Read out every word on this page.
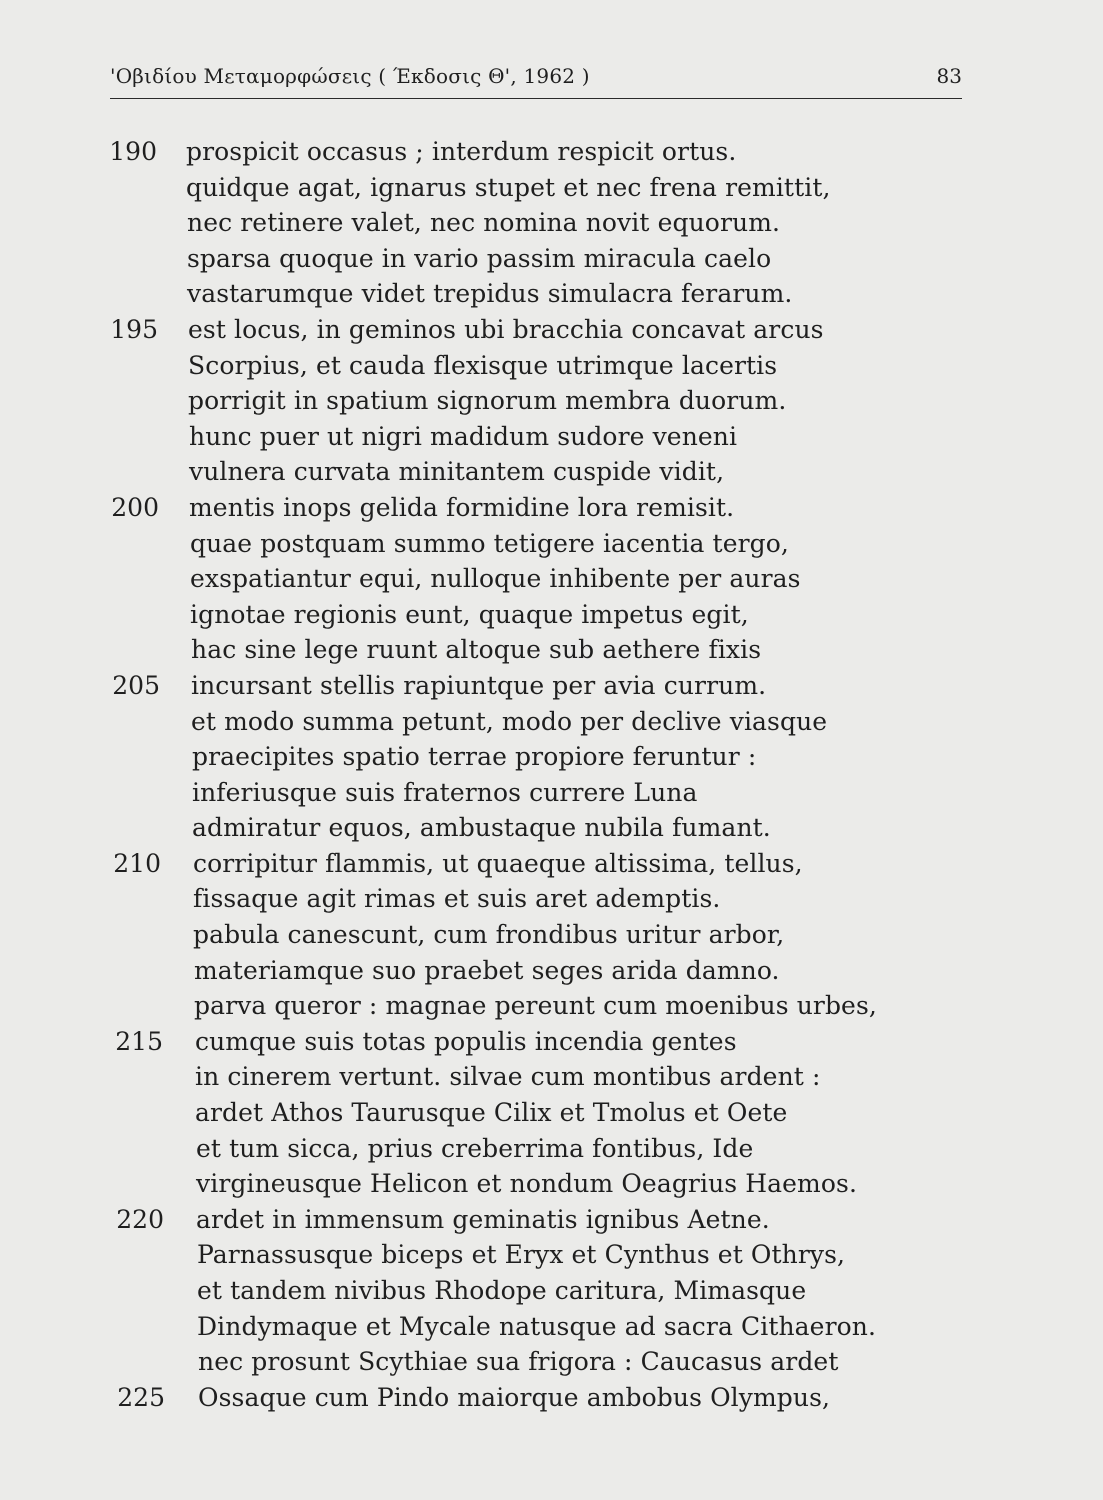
'Οβιδίου Μεταμορφώσεις ( Έκδοσις Θ', 1962 )	83
190 prospicit occasus ; interdum respicit ortus.
quidque agat, ignarus stupet et nec frena remittit,
nec retinere valet, nec nomina novit equorum.
sparsa quoque in vario passim miracula caelo
vastarumque videt trepidus simulacra ferarum.
195 est locus, in geminos ubi bracchia concavat arcus
Scorpius, et cauda flexisque utrimque lacertis
porrigit in spatium signorum membra duorum.
hunc puer ut nigri madidum sudore veneni
vulnera curvata minitantem cuspide vidit,
200 mentis inops gelida formidine lora remisit.
quae postquam summo tetigere iacentia tergo,
exspatiantur equi, nulloque inhibente per auras
ignotae regionis eunt, quaque impetus egit,
hac sine lege ruunt altoque sub aethere fixis
205 incursant stellis rapiuntque per avia currum.
et modo summa petunt, modo per declive viasque
praecipites spatio terrae propiore feruntur :
inferiusque suis fraternos currere Luna
admiratur equos, ambustaque nubila fumant.
210 corripitur flammis, ut quaeque altissima, tellus,
fissaque agit rimas et suis aret ademptis.
pabula canescunt, cum frondibus uritur arbor,
materiamque suo praebet seges arida damno.
parva queror : magnae pereunt cum moenibus urbes,
215 cumque suis totas populis incendia gentes
in cinerem vertunt. silvae cum montibus ardent :
ardet Athos Taurusque Cilix et Tmolus et Oete
et tum sicca, prius creberrima fontibus, Ide
virgineusque Helicon et nondum Oeagrius Haemos.
220 ardet in immensum geminatis ignibus Aetne.
Parnassusque biceps et Eryx et Cynthus et Othrys,
et tandem nivibus Rhodope caritura, Mimasque
Dindymaque et Mycale natusque ad sacra Cithaeron.
nec prosunt Scythiae sua frigora : Caucasus ardet
225 Ossaque cum Pindo maiorque ambobus Olympus,
